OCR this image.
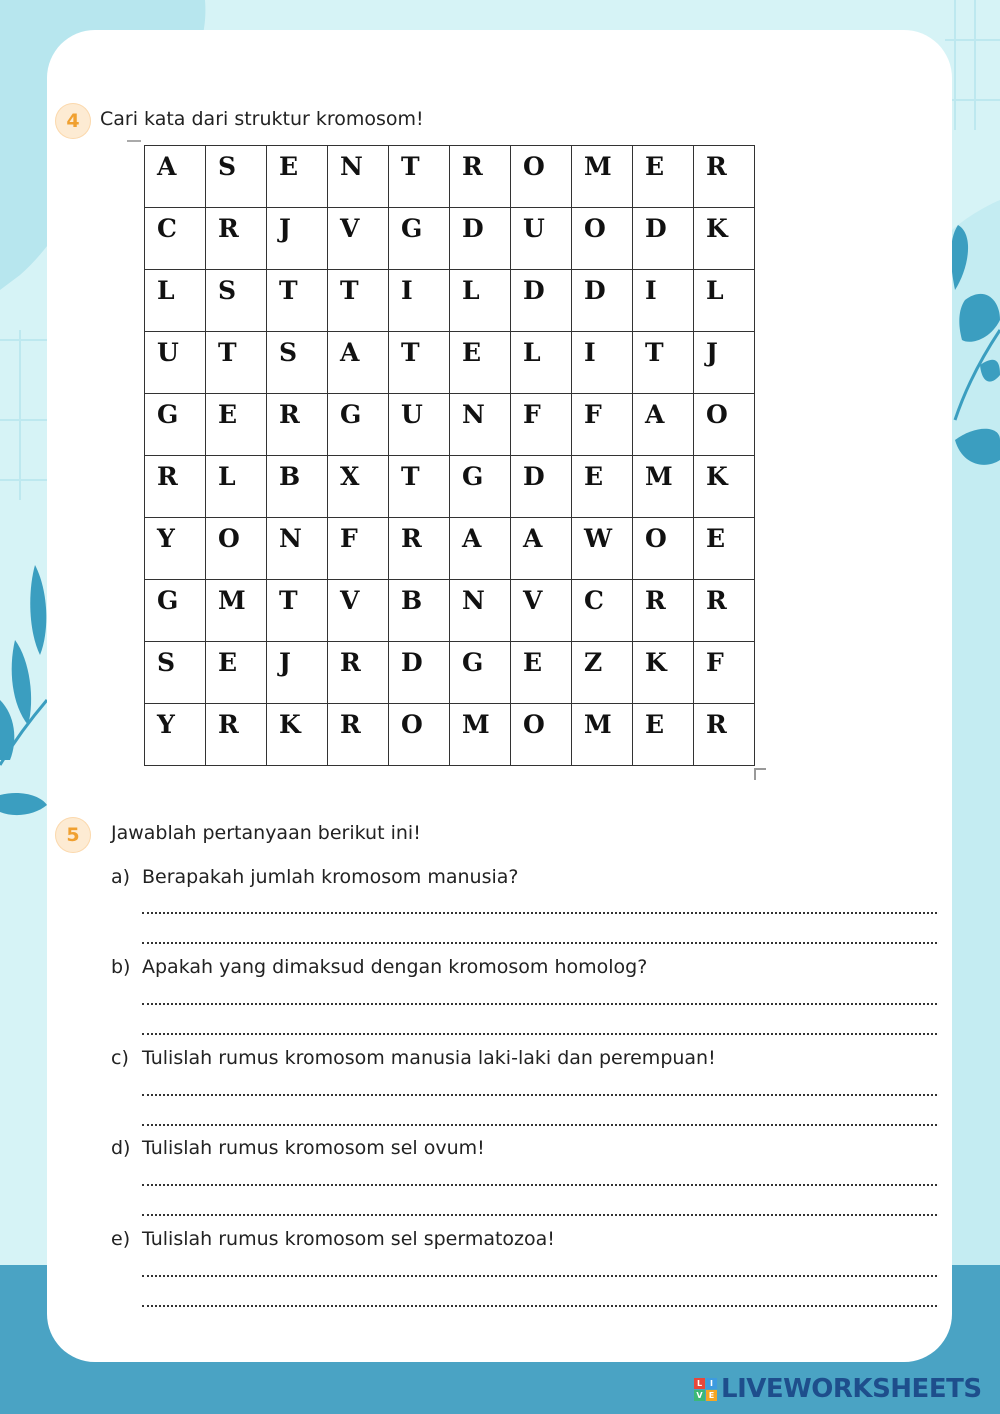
4	Cari kata dari struktur kromosom!
A	S	E	N	T	R	O	M	E	R

C	R	J	V	G	D	U	O	D	K

L	S	T	T	I	L	D	D	I	L

U	T	S	A	T	E	L	I	T	J

G	E	R	G	U	N	F	F	A	O

R	L	B	X	T	G	D	E	M	K

Y	O	N	F	R	A	A	W	O	E

G	M	T	V	B	N	V	C	R	R

S	E	J	R	D	G	E	Z	K	F

Y	R	K	R	O	M	O	M	E	R
5	Jawablah pertanyaan berikut ini!
a) Berapakah jumlah kromosom manusia?
b) Apakah yang dimaksud dengan kromosom homolog?
c) Tulislah rumus kromosom manusia laki-laki dan perempuan!
d) Tulislah rumus kromosom sel ovum!
e) Tulislah rumus kromosom sel spermatozoa!
L I
V E LIVEWORKSHEETS
